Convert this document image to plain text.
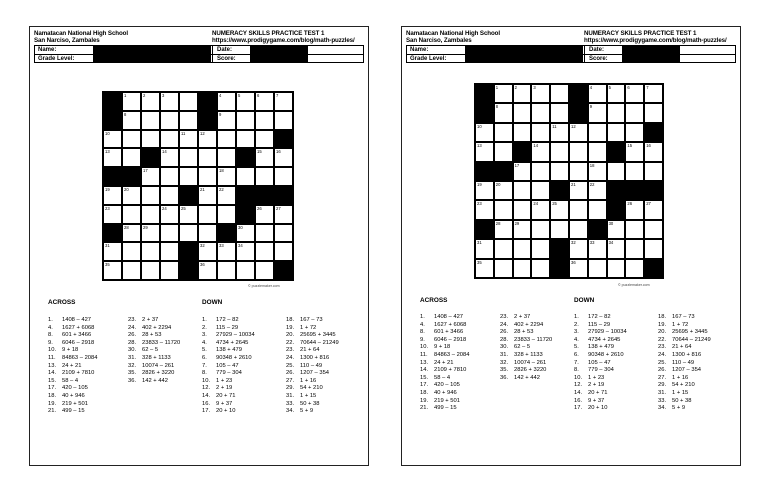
Namatacan National High School
San Narciso, Zambales
NUMERACY SKILLS PRACTICE TEST 1
https://www.prodigygame.com/blog/math-puzzles/
Name:	Date:
Grade Level:	Score:
1	2	3	4	5	6	7
8	9
10	11	12
13	14	15	16
17	18
19	20	21	22
23	24	25	26	27
28	29	30
31	32	33	34
35	36
© puzzlemaker.com
ACROSS	DOWN
1. 1408 – 427
4. 1627 + 6068
8. 601 + 3466
9. 6046 – 2918
10. 9 + 18
11. 84863 – 2084
13. 24 + 21
14. 2109 + 7810
15. 58 – 4
17. 420 – 105
18. 40 + 946
19. 219 + 501
21. 499 – 15
23. 2 + 37
24. 402 + 2294
26. 28 + 53
28. 23833 – 11720
30. 62 – 5
31. 328 + 1133
32. 10074 – 261
35. 2826 + 3220
36. 142 + 442
1. 172 – 82
2. 115 – 29
3. 27929 – 10034
4. 4734 + 2645
5. 138 + 479
6. 90348 + 2610
7. 105 – 47
8. 779 – 304
10. 1 + 23
12. 2 + 19
14. 20 + 71
16. 9 + 37
17. 20 + 10
18. 167 – 73
19. 1 + 72
20. 25695 + 3445
22. 70644 – 21249
23. 21 + 64
24. 1300 + 816
25. 110 – 49
26. 1207 – 354
27. 1 + 16
29. 54 + 210
31. 1 + 15
33. 50 + 38
34. 5 + 9
Namatacan National High School
San Narciso, Zambales
NUMERACY SKILLS PRACTICE TEST 1
https://www.prodigygame.com/blog/math-puzzles/
Name:	Date:
Grade Level:	Score:
1	2	3	4	5	6	7
8	9
10	11	12
13	14	15	16
17	18
19	20	21	22
23	24	25	26	27
28	29	30
31	32	33	34
35	36
© puzzlemaker.com
ACROSS	DOWN
1. 1408 – 427
4. 1627 + 6068
8. 601 + 3466
9. 6046 – 2918
10. 9 + 18
11. 84863 – 2084
13. 24 + 21
14. 2109 + 7810
15. 58 – 4
17. 420 – 105
18. 40 + 946
19. 219 + 501
21. 499 – 15
23. 2 + 37
24. 402 + 2294
26. 28 + 53
28. 23833 – 11720
30. 62 – 5
31. 328 + 1133
32. 10074 – 261
35. 2826 + 3220
36. 142 + 442
1. 172 – 82
2. 115 – 29
3. 27929 – 10034
4. 4734 + 2645
5. 138 + 479
6. 90348 + 2610
7. 105 – 47
8. 779 – 304
10. 1 + 23
12. 2 + 19
14. 20 + 71
16. 9 + 37
17. 20 + 10
18. 167 – 73
19. 1 + 72
20. 25695 + 3445
22. 70644 – 21249
23. 21 + 64
24. 1300 + 816
25. 110 – 49
26. 1207 – 354
27. 1 + 16
29. 54 + 210
31. 1 + 15
33. 50 + 38
34. 5 + 9
